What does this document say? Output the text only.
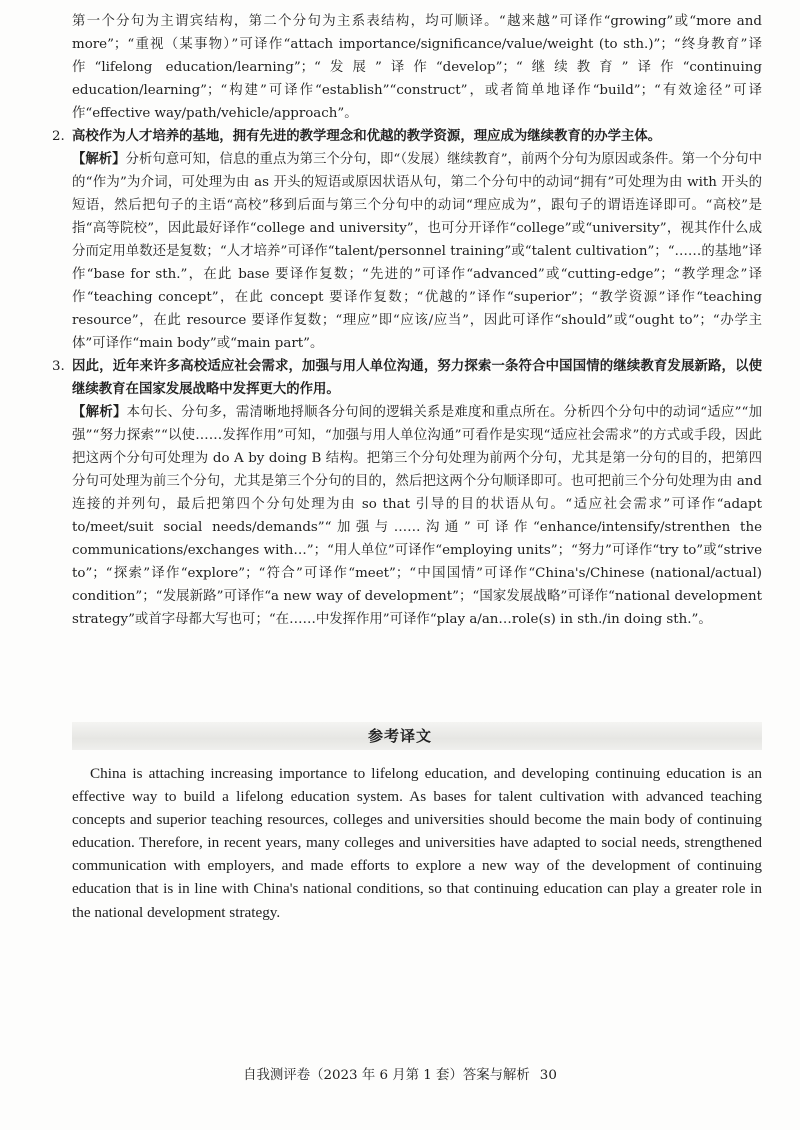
第一个分句为主谓宾结构，第二个分句为主系表结构，均可顺译。“越来越”可译作“growing”或“more and more”；“重视（某事物）”可译作“attach importance/significance/value/weight (to sth.)”；“终身教育”译作“lifelong education/learning”；“发展”译作“develop”；“继续教育”译作“continuing education/learning”；“构建”可译作“establish”“construct”，或者简单地译作“build”；“有效途径”可译作“effective way/path/vehicle/approach”。

2. 高校作为人才培养的基地，拥有先进的教学理念和优越的教学资源，理应成为继续教育的办学主体。

【解析】分析句意可知，信息的重点为第三个分句，即“（发展）继续教育”，前两个分句为原因或条件。第一个分句中的“作为”为介词，可处理为由 as 开头的短语或原因状语从句，第二个分句中的动词“拥有”可处理为由 with 开头的短语，然后把句子的主语“高校”移到后面与第三个分句中的动词“理应成为”，跟句子的谓语连译即可。“高校”是指“高等院校”，因此最好译作“college and university”，也可分开译作“college”或“university”，视其作什么成分而定用单数还是复数；“人才培养”可译作“talent/personnel training”或“talent cultivation”；“……的基地”译作“base for sth.”，在此 base 要译作复数；“先进的”可译作“advanced”或“cutting-edge”；“教学理念”译作“teaching concept”，在此 concept 要译作复数；“优越的”译作“superior”；“教学资源”译作“teaching resource”，在此 resource 要译作复数；“理应”即“应该/应当”，因此可译作“should”或“ought to”；“办学主体”可译作“main body”或“main part”。

3. 因此，近年来许多高校适应社会需求，加强与用人单位沟通，努力探索一条符合中国国情的继续教育发展新路，以使继续教育在国家发展战略中发挥更大的作用。

【解析】本句长、分句多，需清晰地捋顺各分句间的逻辑关系是难度和重点所在。分析四个分句中的动词“适应”“加强”“努力探索”“以使……发挥作用”可知，“加强与用人单位沟通”可看作是实现“适应社会需求”的方式或手段，因此把这两个分句可处理为 do A by doing B 结构。把第三个分句处理为前两个分句，尤其是第一分句的目的，把第四分句可处理为前三个分句，尤其是第三个分句的目的，然后把这两个分句顺译即可。也可把前三个分句处理为由 and 连接的并列句，最后把第四个分句处理为由 so that 引导的目的状语从句。“适应社会需求”可译作“adapt to/meet/suit social needs/demands”“加强与……沟通”可译作“enhance/intensify/strenthen the communications/exchanges with…”；“用人单位”可译作“employing units”；“努力”可译作“try to”或“strive to”；“探索”译作“explore”；“符合”可译作“meet”；“中国国情”可译作“China's/Chinese (national/actual) condition”；“发展新路”可译作“a new way of development”；“国家发展战略”可译作“national development strategy”或首字母都大写也可；“在……中发挥作用”可译作“play a/an…role(s) in sth./in doing sth.”。

参考译文

China is attaching increasing importance to lifelong education, and developing continuing education is an effective way to build a lifelong education system. As bases for talent cultivation with advanced teaching concepts and superior teaching resources, colleges and universities should become the main body of continuing education. Therefore, in recent years, many colleges and universities have adapted to social needs, strengthened communication with employers, and made efforts to explore a new way of the development of continuing education that is in line with China's national conditions, so that continuing education can play a greater role in the national development strategy.

自我测评卷（2023 年 6 月第 1 套）答案与解析 30
